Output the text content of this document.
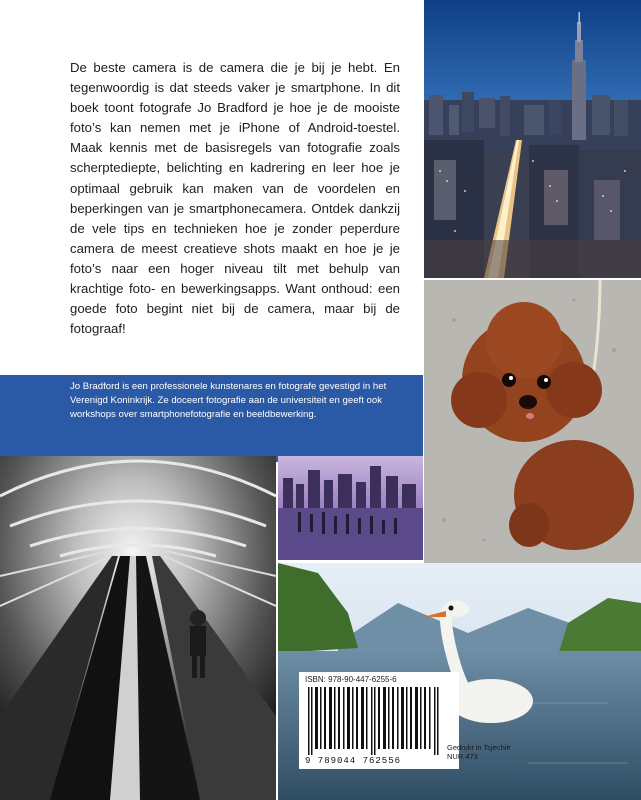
De beste camera is de camera die je bij je hebt. En tegenwoordig is dat steeds vaker je smartphone. In dit boek toont fotografe Jo Bradford je hoe je de mooiste foto’s kan nemen met je iPhone of Android-toestel. Maak kennis met de basisregels van fotografie zoals scherptediepte, belichting en kadrering en leer hoe je optimaal gebruik kan maken van de voordelen en beperkingen van je smartphonecamera. Ontdek dankzij de vele tips en technieken hoe je zonder peperdure camera de meest creatieve shots maakt en hoe je je foto’s naar een hoger niveau tilt met behulp van krachtige foto- en bewerkingsapps. Want onthoud: een goede foto begint niet bij de camera, maar bij de fotograaf!

Jo Bradford is een professionele kunstenares en fotografe gevestigd in het Verenigd Koninkrijk. Ze doceert fotografie aan de universiteit en geeft ook workshops over smartphonefotografie en beeldbewerking.

ISBN: 978-90-447-6255-6

9 789044 762556

Gedrukt in Tsjechië
NUR 473
